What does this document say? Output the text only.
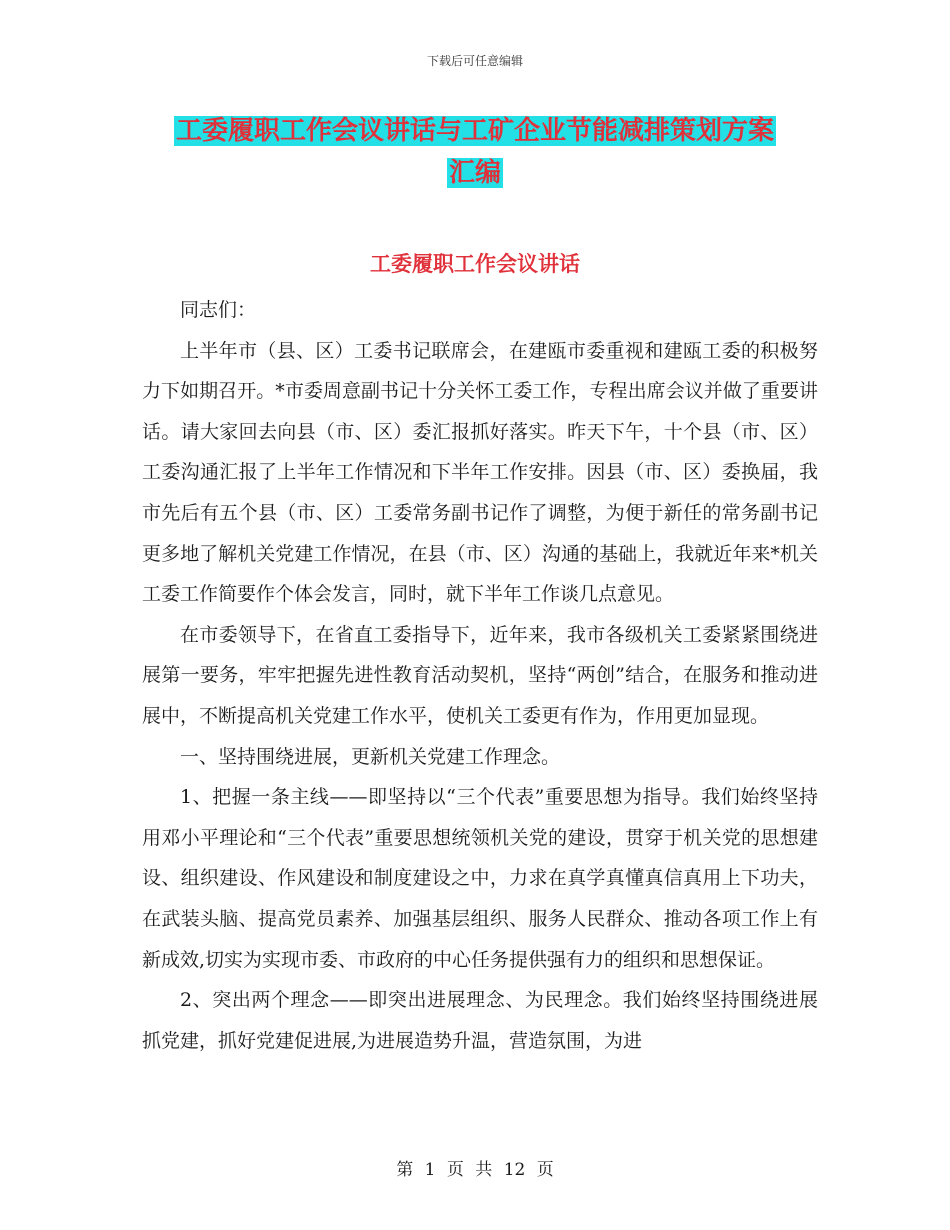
下载后可任意编辑
工委履职工作会议讲话与工矿企业节能减排策划方案
汇编
工委履职工作会议讲话

同志们：

上半年市（县、区）工委书记联席会，在建瓯市委重视和建瓯工委的积极努力下如期召开。*市委周意副书记十分关怀工委工作，专程出席会议并做了重要讲话。请大家回去向县（市、区）委汇报抓好落实。昨天下午，十个县（市、区）工委沟通汇报了上半年工作情况和下半年工作安排。因县（市、区）委换届，我市先后有五个县（市、区）工委常务副书记作了调整，为便于新任的常务副书记更多地了解机关党建工作情况，在县（市、区）沟通的基础上，我就近年来*机关工委工作简要作个体会发言，同时，就下半年工作谈几点意见。

在市委领导下，在省直工委指导下，近年来，我市各级机关工委紧紧围绕进展第一要务，牢牢把握先进性教育活动契机，坚持“两创”结合，在服务和推动进展中，不断提高机关党建工作水平，使机关工委更有作为，作用更加显现。

一、坚持围绕进展，更新机关党建工作理念。

1、把握一条主线——即坚持以“三个代表”重要思想为指导。我们始终坚持用邓小平理论和“三个代表”重要思想统领机关党的建设，贯穿于机关党的思想建设、组织建设、作风建设和制度建设之中，力求在真学真懂真信真用上下功夫，在武装头脑、提高党员素养、加强基层组织、服务人民群众、推动各项工作上有新成效,切实为实现市委、市政府的中心任务提供强有力的组织和思想保证。

2、突出两个理念——即突出进展理念、为民理念。我们始终坚持围绕进展抓党建，抓好党建促进展,为进展造势升温，营造氛围，为进

第 1 页 共 12 页
